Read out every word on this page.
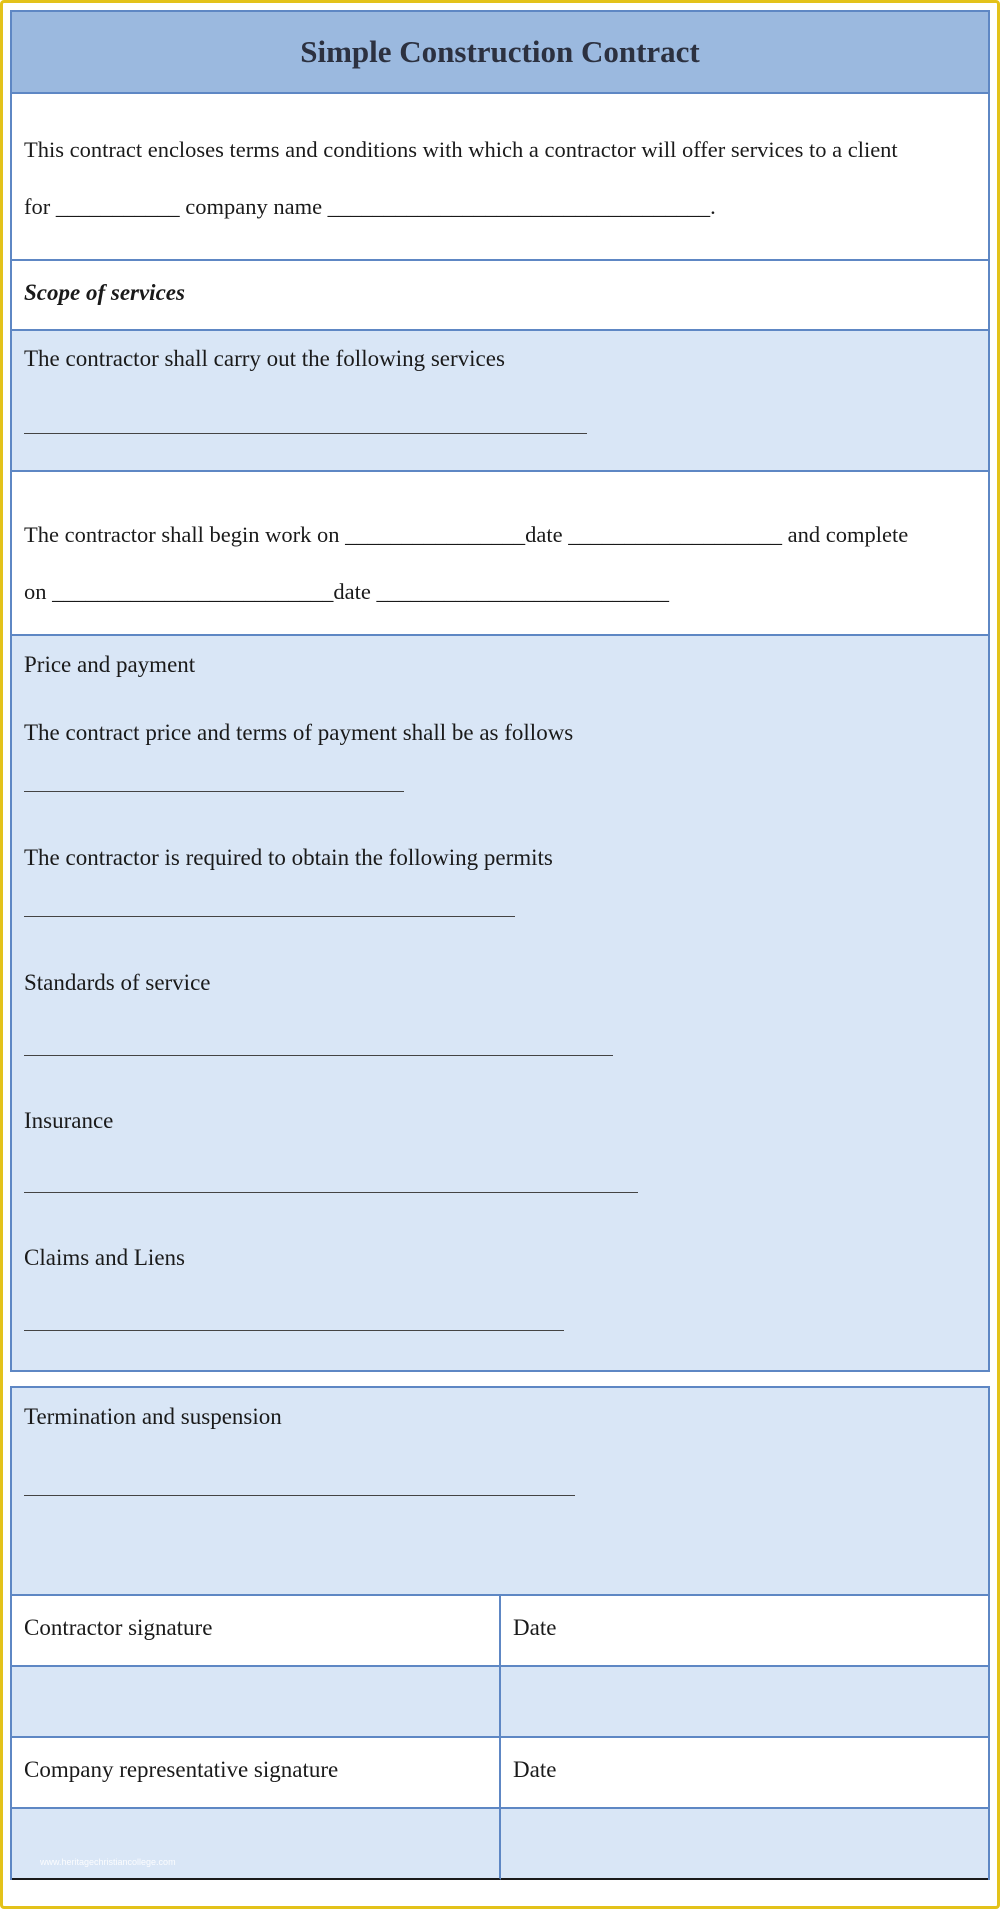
Simple Construction Contract
This contract encloses terms and conditions with which a contractor will offer services to a client
for ___________ company name __________________________________.
Scope of services
The contractor shall carry out the following services
The contractor shall begin work on ________________date ___________________ and complete
on _________________________date __________________________
Price and payment
The contract price and terms of payment shall be as follows
The contractor is required to obtain the following permits
Standards of service
Insurance
Claims and Liens
Termination and suspension
Contractor signature	Date
Company representative signature	Date
www.heritagechristiancollege.com
